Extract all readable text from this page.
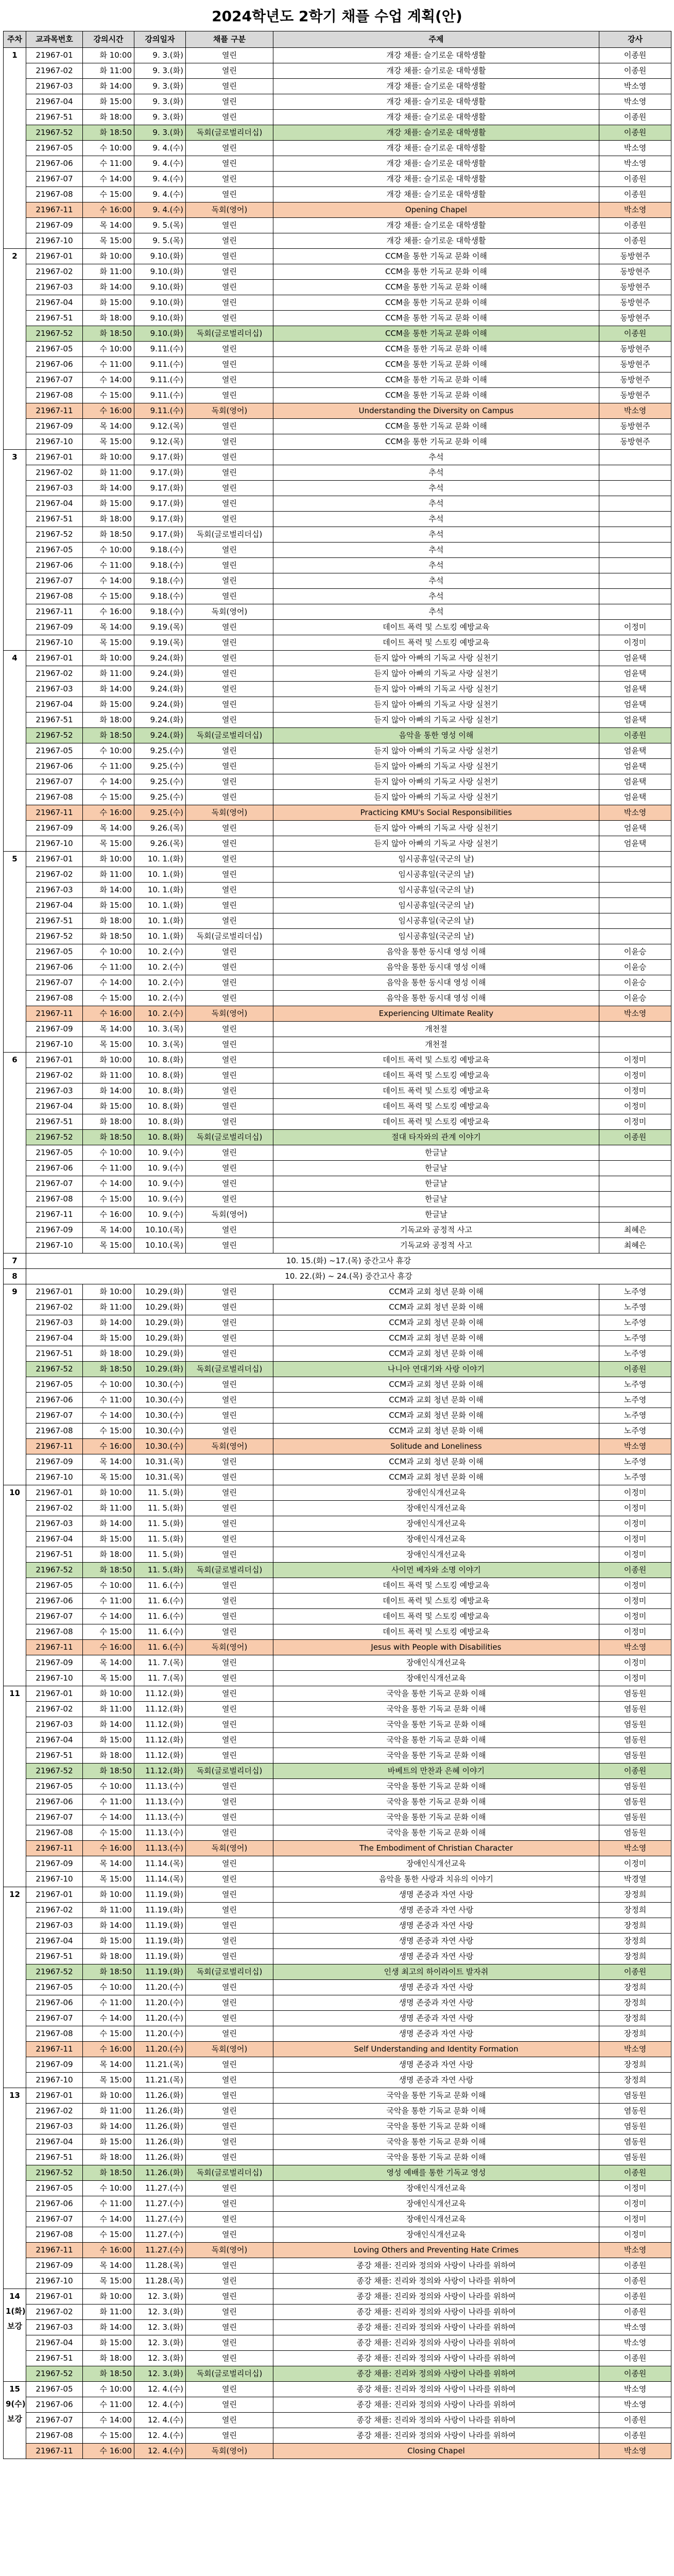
2024학년도 2학기 채플 수업 계획(안)
주차	교과목번호	강의시간	강의일자	채플 구분	주제	강사
1	21967-01	화 10:00	9. 3.(화)	열린	개강 채플: 슬기로운 대학생활	이종원
	21967-02	화 11:00	9. 3.(화)	열린	개강 채플: 슬기로운 대학생활	이종원
	21967-03	화 14:00	9. 3.(화)	열린	개강 채플: 슬기로운 대학생활	박소영
	21967-04	화 15:00	9. 3.(화)	열린	개강 채플: 슬기로운 대학생활	박소영
	21967-51	화 18:00	9. 3.(화)	열린	개강 채플: 슬기로운 대학생활	이종원
	21967-52	화 18:50	9. 3.(화)	독회(글로벌리더십)	개강 채플: 슬기로운 대학생활	이종원
	21967-05	수 10:00	9. 4.(수)	열린	개강 채플: 슬기로운 대학생활	박소영
	21967-06	수 11:00	9. 4.(수)	열린	개강 채플: 슬기로운 대학생활	박소영
	21967-07	수 14:00	9. 4.(수)	열린	개강 채플: 슬기로운 대학생활	이종원
	21967-08	수 15:00	9. 4.(수)	열린	개강 채플: 슬기로운 대학생활	이종원
	21967-11	수 16:00	9. 4.(수)	독회(영어)	Opening Chapel	박소영
	21967-09	목 14:00	9. 5.(목)	열린	개강 채플: 슬기로운 대학생활	이종원
	21967-10	목 15:00	9. 5.(목)	열린	개강 채플: 슬기로운 대학생활	이종원
2	21967-01	화 10:00	9.10.(화)	열린	CCM을 통한 기독교 문화 이해	동방현주
	21967-02	화 11:00	9.10.(화)	열린	CCM을 통한 기독교 문화 이해	동방현주
	21967-03	화 14:00	9.10.(화)	열린	CCM을 통한 기독교 문화 이해	동방현주
	21967-04	화 15:00	9.10.(화)	열린	CCM을 통한 기독교 문화 이해	동방현주
	21967-51	화 18:00	9.10.(화)	열린	CCM을 통한 기독교 문화 이해	동방현주
	21967-52	화 18:50	9.10.(화)	독회(글로벌리더십)	CCM을 통한 기독교 문화 이해	이종원
	21967-05	수 10:00	9.11.(수)	열린	CCM을 통한 기독교 문화 이해	동방현주
	21967-06	수 11:00	9.11.(수)	열린	CCM을 통한 기독교 문화 이해	동방현주
	21967-07	수 14:00	9.11.(수)	열린	CCM을 통한 기독교 문화 이해	동방현주
	21967-08	수 15:00	9.11.(수)	열린	CCM을 통한 기독교 문화 이해	동방현주
	21967-11	수 16:00	9.11.(수)	독회(영어)	Understanding the Diversity on Campus	박소영
	21967-09	목 14:00	9.12.(목)	열린	CCM을 통한 기독교 문화 이해	동방현주
	21967-10	목 15:00	9.12.(목)	열린	CCM을 통한 기독교 문화 이해	동방현주
3	21967-01	화 10:00	9.17.(화)	열린	추석	
	21967-02	화 11:00	9.17.(화)	열린	추석	
	21967-03	화 14:00	9.17.(화)	열린	추석	
	21967-04	화 15:00	9.17.(화)	열린	추석	
	21967-51	화 18:00	9.17.(화)	열린	추석	
	21967-52	화 18:50	9.17.(화)	독회(글로벌리더십)	추석	
	21967-05	수 10:00	9.18.(수)	열린	추석	
	21967-06	수 11:00	9.18.(수)	열린	추석	
	21967-07	수 14:00	9.18.(수)	열린	추석	
	21967-08	수 15:00	9.18.(수)	열린	추석	
	21967-11	수 16:00	9.18.(수)	독회(영어)	추석	
	21967-09	목 14:00	9.19.(목)	열린	데이트 폭력 및 스토킹 예방교육	이정미
	21967-10	목 15:00	9.19.(목)	열린	데이트 폭력 및 스토킹 예방교육	이정미
4	21967-01	화 10:00	9.24.(화)	열린	듣지 않아 아빠의 기독교 사랑 실천기	엄윤택
	21967-02	화 11:00	9.24.(화)	열린	듣지 않아 아빠의 기독교 사랑 실천기	엄윤택
	21967-03	화 14:00	9.24.(화)	열린	듣지 않아 아빠의 기독교 사랑 실천기	엄윤택
	21967-04	화 15:00	9.24.(화)	열린	듣지 않아 아빠의 기독교 사랑 실천기	엄윤택
	21967-51	화 18:00	9.24.(화)	열린	듣지 않아 아빠의 기독교 사랑 실천기	엄윤택
	21967-52	화 18:50	9.24.(화)	독회(글로벌리더십)	음악을 통한 영성 이해	이종원
	21967-05	수 10:00	9.25.(수)	열린	듣지 않아 아빠의 기독교 사랑 실천기	엄윤택
	21967-06	수 11:00	9.25.(수)	열린	듣지 않아 아빠의 기독교 사랑 실천기	엄윤택
	21967-07	수 14:00	9.25.(수)	열린	듣지 않아 아빠의 기독교 사랑 실천기	엄윤택
	21967-08	수 15:00	9.25.(수)	열린	듣지 않아 아빠의 기독교 사랑 실천기	엄윤택
	21967-11	수 16:00	9.25.(수)	독회(영어)	Practicing KMU's Social Responsibilities	박소영
	21967-09	목 14:00	9.26.(목)	열린	듣지 않아 아빠의 기독교 사랑 실천기	엄윤택
	21967-10	목 15:00	9.26.(목)	열린	듣지 않아 아빠의 기독교 사랑 실천기	엄윤택
5	21967-01	화 10:00	10. 1.(화)	열린	임시공휴일(국군의 날)	
	21967-02	화 11:00	10. 1.(화)	열린	임시공휴일(국군의 날)	
	21967-03	화 14:00	10. 1.(화)	열린	임시공휴일(국군의 날)	
	21967-04	화 15:00	10. 1.(화)	열린	임시공휴일(국군의 날)	
	21967-51	화 18:00	10. 1.(화)	열린	임시공휴일(국군의 날)	
	21967-52	화 18:50	10. 1.(화)	독회(글로벌리더십)	임시공휴일(국군의 날)	
	21967-05	수 10:00	10. 2.(수)	열린	음악을 통한 동시대 영성 이해	이윤승
	21967-06	수 11:00	10. 2.(수)	열린	음악을 통한 동시대 영성 이해	이윤승
	21967-07	수 14:00	10. 2.(수)	열린	음악을 통한 동시대 영성 이해	이윤승
	21967-08	수 15:00	10. 2.(수)	열린	음악을 통한 동시대 영성 이해	이윤승
	21967-11	수 16:00	10. 2.(수)	독회(영어)	Experiencing Ultimate Reality	박소영
	21967-09	목 14:00	10. 3.(목)	열린	개천절	
	21967-10	목 15:00	10. 3.(목)	열린	개천절	
6	21967-01	화 10:00	10. 8.(화)	열린	데이트 폭력 및 스토킹 예방교육	이정미
	21967-02	화 11:00	10. 8.(화)	열린	데이트 폭력 및 스토킹 예방교육	이정미
	21967-03	화 14:00	10. 8.(화)	열린	데이트 폭력 및 스토킹 예방교육	이정미
	21967-04	화 15:00	10. 8.(화)	열린	데이트 폭력 및 스토킹 예방교육	이정미
	21967-51	화 18:00	10. 8.(화)	열린	데이트 폭력 및 스토킹 예방교육	이정미
	21967-52	화 18:50	10. 8.(화)	독회(글로벌리더십)	절대 타자와의 관계 이야기	이종원
	21967-05	수 10:00	10. 9.(수)	열린	한글날	
	21967-06	수 11:00	10. 9.(수)	열린	한글날	
	21967-07	수 14:00	10. 9.(수)	열린	한글날	
	21967-08	수 15:00	10. 9.(수)	열린	한글날	
	21967-11	수 16:00	10. 9.(수)	독회(영어)	한글날	
	21967-09	목 14:00	10.10.(목)	열린	기독교와 공정적 사고	최혜은
	21967-10	목 15:00	10.10.(목)	열린	기독교와 공정적 사고	최혜은
7	10. 15.(화) ~17.(목) 중간고사 휴강					
8	10. 22.(화) ~ 24.(목) 중간고사 휴강					
9	21967-01	화 10:00	10.29.(화)	열린	CCM과 교회 청년 문화 이해	노주영
	21967-02	화 11:00	10.29.(화)	열린	CCM과 교회 청년 문화 이해	노주영
	21967-03	화 14:00	10.29.(화)	열린	CCM과 교회 청년 문화 이해	노주영
	21967-04	화 15:00	10.29.(화)	열린	CCM과 교회 청년 문화 이해	노주영
	21967-51	화 18:00	10.29.(화)	열린	CCM과 교회 청년 문화 이해	노주영
	21967-52	화 18:50	10.29.(화)	독회(글로벌리더십)	나니아 연대기와 사랑 이야기	이종원
	21967-05	수 10:00	10.30.(수)	열린	CCM과 교회 청년 문화 이해	노주영
	21967-06	수 11:00	10.30.(수)	열린	CCM과 교회 청년 문화 이해	노주영
	21967-07	수 14:00	10.30.(수)	열린	CCM과 교회 청년 문화 이해	노주영
	21967-08	수 15:00	10.30.(수)	열린	CCM과 교회 청년 문화 이해	노주영
	21967-11	수 16:00	10.30.(수)	독회(영어)	Solitude and Loneliness	박소영
	21967-09	목 14:00	10.31.(목)	열린	CCM과 교회 청년 문화 이해	노주영
	21967-10	목 15:00	10.31.(목)	열린	CCM과 교회 청년 문화 이해	노주영
10	21967-01	화 10:00	11. 5.(화)	열린	장애인식개선교육	이정미
	21967-02	화 11:00	11. 5.(화)	열린	장애인식개선교육	이정미
	21967-03	화 14:00	11. 5.(화)	열린	장애인식개선교육	이정미
	21967-04	화 15:00	11. 5.(화)	열린	장애인식개선교육	이정미
	21967-51	화 18:00	11. 5.(화)	열린	장애인식개선교육	이정미
	21967-52	화 18:50	11. 5.(화)	독회(글로벌리더십)	사이먼 베자와 소명 이야기	이종원
	21967-05	수 10:00	11. 6.(수)	열린	데이트 폭력 및 스토킹 예방교육	이정미
	21967-06	수 11:00	11. 6.(수)	열린	데이트 폭력 및 스토킹 예방교육	이정미
	21967-07	수 14:00	11. 6.(수)	열린	데이트 폭력 및 스토킹 예방교육	이정미
	21967-08	수 15:00	11. 6.(수)	열린	데이트 폭력 및 스토킹 예방교육	이정미
	21967-11	수 16:00	11. 6.(수)	독회(영어)	Jesus with People with Disabilities	박소영
	21967-09	목 14:00	11. 7.(목)	열린	장애인식개선교육	이정미
	21967-10	목 15:00	11. 7.(목)	열린	장애인식개선교육	이정미
11	21967-01	화 10:00	11.12.(화)	열린	국악을 통한 기독교 문화 이해	염동원
	21967-02	화 11:00	11.12.(화)	열린	국악을 통한 기독교 문화 이해	염동원
	21967-03	화 14:00	11.12.(화)	열린	국악을 통한 기독교 문화 이해	염동원
	21967-04	화 15:00	11.12.(화)	열린	국악을 통한 기독교 문화 이해	염동원
	21967-51	화 18:00	11.12.(화)	열린	국악을 통한 기독교 문화 이해	염동원
	21967-52	화 18:50	11.12.(화)	독회(글로벌리더십)	바베트의 만찬과 은혜 이야기	이종원
	21967-05	수 10:00	11.13.(수)	열린	국악을 통한 기독교 문화 이해	염동원
	21967-06	수 11:00	11.13.(수)	열린	국악을 통한 기독교 문화 이해	염동원
	21967-07	수 14:00	11.13.(수)	열린	국악을 통한 기독교 문화 이해	염동원
	21967-08	수 15:00	11.13.(수)	열린	국악을 통한 기독교 문화 이해	염동원
	21967-11	수 16:00	11.13.(수)	독회(영어)	The Embodiment of Christian Character	박소영
	21967-09	목 14:00	11.14.(목)	열린	장애인식개선교육	이정미
	21967-10	목 15:00	11.14.(목)	열린	음악을 통한 사랑과 치유의 이야기	박경열
12	21967-01	화 10:00	11.19.(화)	열린	생명 존중과 자연 사랑	장정희
	21967-02	화 11:00	11.19.(화)	열린	생명 존중과 자연 사랑	장정희
	21967-03	화 14:00	11.19.(화)	열린	생명 존중과 자연 사랑	장정희
	21967-04	화 15:00	11.19.(화)	열린	생명 존중과 자연 사랑	장정희
	21967-51	화 18:00	11.19.(화)	열린	생명 존중과 자연 사랑	장정희
	21967-52	화 18:50	11.19.(화)	독회(글로벌리더십)	인생 최고의 하이라이트 발자취	이종원
	21967-05	수 10:00	11.20.(수)	열린	생명 존중과 자연 사랑	장정희
	21967-06	수 11:00	11.20.(수)	열린	생명 존중과 자연 사랑	장정희
	21967-07	수 14:00	11.20.(수)	열린	생명 존중과 자연 사랑	장정희
	21967-08	수 15:00	11.20.(수)	열린	생명 존중과 자연 사랑	장정희
	21967-11	수 16:00	11.20.(수)	독회(영어)	Self Understanding and Identity Formation	박소영
	21967-09	목 14:00	11.21.(목)	열린	생명 존중과 자연 사랑	장정희
	21967-10	목 15:00	11.21.(목)	열린	생명 존중과 자연 사랑	장정희
13	21967-01	화 10:00	11.26.(화)	열린	국악을 통한 기독교 문화 이해	염동원
	21967-02	화 11:00	11.26.(화)	열린	국악을 통한 기독교 문화 이해	염동원
	21967-03	화 14:00	11.26.(화)	열린	국악을 통한 기독교 문화 이해	염동원
	21967-04	화 15:00	11.26.(화)	열린	국악을 통한 기독교 문화 이해	염동원
	21967-51	화 18:00	11.26.(화)	열린	국악을 통한 기독교 문화 이해	염동원
	21967-52	화 18:50	11.26.(화)	독회(글로벌리더십)	영성 예배를 통한 기독교 영성	이종원
	21967-05	수 10:00	11.27.(수)	열린	장애인식개선교육	이정미
	21967-06	수 11:00	11.27.(수)	열린	장애인식개선교육	이정미
	21967-07	수 14:00	11.27.(수)	열린	장애인식개선교육	이정미
	21967-08	수 15:00	11.27.(수)	열린	장애인식개선교육	이정미
	21967-11	수 16:00	11.27.(수)	독회(영어)	Loving Others and Preventing Hate Crimes	박소영
	21967-09	목 14:00	11.28.(목)	열린	종강 채플: 진리와 정의와 사랑이 나라를 위하여	이종원
	21967-10	목 15:00	11.28.(목)	열린	종강 채플: 진리와 정의와 사랑이 나라를 위하여	이종원
14
1(화)
보강	21967-01	화 10:00	12. 3.(화)	열린	종강 채플: 진리와 정의와 사랑이 나라를 위하여	이종원
	21967-02	화 11:00	12. 3.(화)	열린	종강 채플: 진리와 정의와 사랑이 나라를 위하여	이종원
	21967-03	화 14:00	12. 3.(화)	열린	종강 채플: 진리와 정의와 사랑이 나라를 위하여	박소영
	21967-04	화 15:00	12. 3.(화)	열린	종강 채플: 진리와 정의와 사랑이 나라를 위하여	박소영
	21967-51	화 18:00	12. 3.(화)	열린	종강 채플: 진리와 정의와 사랑이 나라를 위하여	이종원
	21967-52	화 18:50	12. 3.(화)	독회(글로벌리더십)	종강 채플: 진리와 정의와 사랑이 나라를 위하여	이종원
15
9(수)
보강	21967-05	수 10:00	12. 4.(수)	열린	종강 채플: 진리와 정의와 사랑이 나라를 위하여	박소영
	21967-06	수 11:00	12. 4.(수)	열린	종강 채플: 진리와 정의와 사랑이 나라를 위하여	박소영
	21967-07	수 14:00	12. 4.(수)	열린	종강 채플: 진리와 정의와 사랑이 나라를 위하여	이종원
	21967-08	수 15:00	12. 4.(수)	열린	종강 채플: 진리와 정의와 사랑이 나라를 위하여	이종원
	21967-11	수 16:00	12. 4.(수)	독회(영어)	Closing Chapel	박소영
